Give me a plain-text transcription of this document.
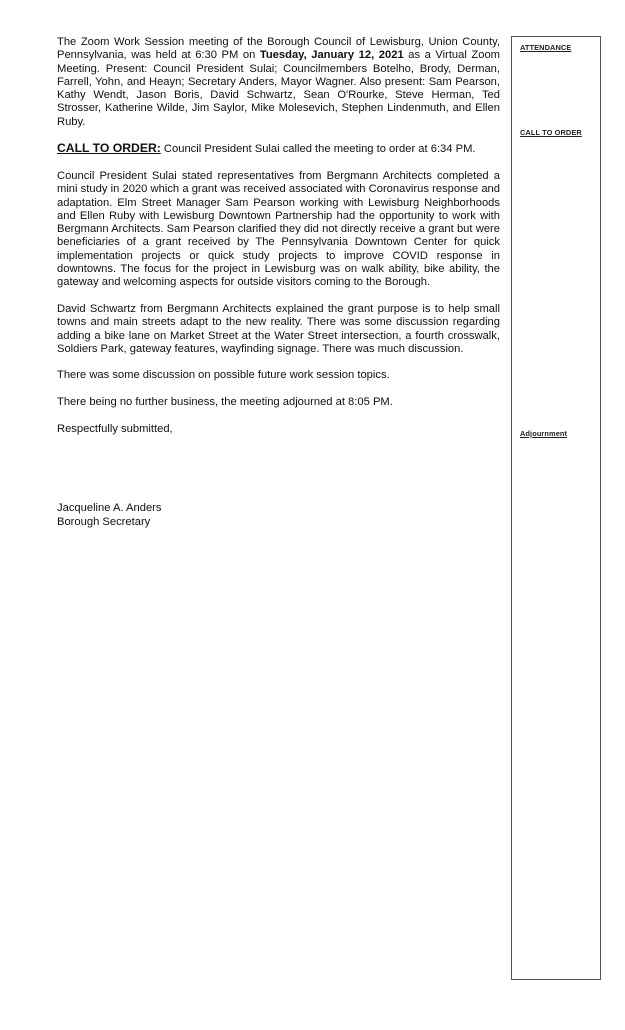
The Zoom Work Session meeting of the Borough Council of Lewisburg, Union County, Pennsylvania, was held at 6:30 PM on Tuesday, January 12, 2021 as a Virtual Zoom Meeting. Present: Council President Sulai; Councilmembers Botelho, Brody, Derman, Farrell, Yohn, and Heayn; Secretary Anders, Mayor Wagner. Also present: Sam Pearson, Kathy Wendt, Jason Boris, David Schwartz, Sean O'Rourke, Steve Herman, Ted Strosser, Katherine Wilde, Jim Saylor, Mike Molesevich, Stephen Lindenmuth, and Ellen Ruby.

CALL TO ORDER: Council President Sulai called the meeting to order at 6:34 PM.

Council President Sulai stated representatives from Bergmann Architects completed a mini study in 2020 which a grant was received associated with Coronavirus response and adaptation. Elm Street Manager Sam Pearson working with Lewisburg Neighborhoods and Ellen Ruby with Lewisburg Downtown Partnership had the opportunity to work with Bergmann Architects. Sam Pearson clarified they did not directly receive a grant but were beneficiaries of a grant received by The Pennsylvania Downtown Center for quick implementation projects or quick study projects to improve COVID response in downtowns. The focus for the project in Lewisburg was on walk ability, bike ability, the gateway and welcoming aspects for outside visitors coming to the Borough.

David Schwartz from Bergmann Architects explained the grant purpose is to help small towns and main streets adapt to the new reality. There was some discussion regarding adding a bike lane on Market Street at the Water Street intersection, a fourth crosswalk, Soldiers Park, gateway features, wayfinding signage. There was much discussion.

There was some discussion on possible future work session topics.

There being no further business, the meeting adjourned at 8:05 PM.

Respectfully submitted,

Jacqueline A. Anders
Borough Secretary
ATTENDANCE
CALL TO ORDER
Adjournment
